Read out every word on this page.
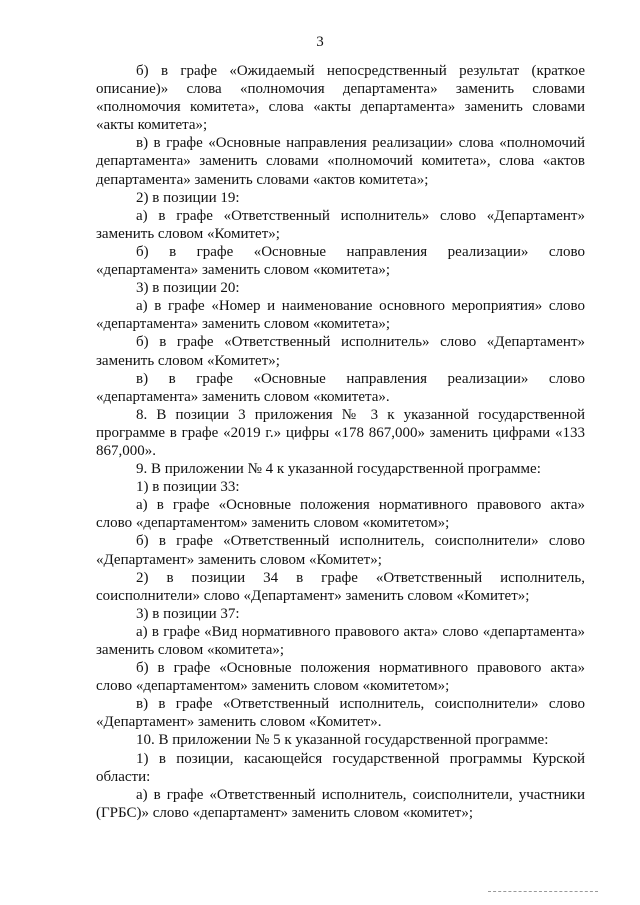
3

б) в графе «Ожидаемый непосредственный результат (краткое описание)» слова «полномочия департамента» заменить словами «полномочия комитета», слова «акты департамента» заменить словами «акты комитета»;

в) в графе «Основные направления реализации» слова «полномочий департамента» заменить словами «полномочий комитета», слова «актов департамента» заменить словами «актов комитета»;

2) в позиции 19:

а) в графе «Ответственный исполнитель» слово «Департамент» заменить словом «Комитет»;

б) в графе «Основные направления реализации» слово «департамента» заменить словом «комитета»;

3) в позиции 20:

а) в графе «Номер и наименование основного мероприятия» слово «департамента» заменить словом «комитета»;

б) в графе «Ответственный исполнитель» слово «Департамент» заменить словом «Комитет»;

в) в графе «Основные направления реализации» слово «департамента» заменить словом «комитета».

8. В позиции 3 приложения № 3 к указанной государственной программе в графе «2019 г.» цифры «178 867,000» заменить цифрами «133 867,000».

9. В приложении № 4 к указанной государственной программе:

1) в позиции 33:

а) в графе «Основные положения нормативного правового акта» слово «департаментом» заменить словом «комитетом»;

б) в графе «Ответственный исполнитель, соисполнители» слово «Департамент» заменить словом «Комитет»;

2) в позиции 34 в графе «Ответственный исполнитель, соисполнители» слово «Департамент» заменить словом «Комитет»;

3) в позиции 37:

а) в графе «Вид нормативного правового акта» слово «департамента» заменить словом «комитета»;

б) в графе «Основные положения нормативного правового акта» слово «департаментом» заменить словом «комитетом»;

в) в графе «Ответственный исполнитель, соисполнители» слово «Департамент» заменить словом «Комитет».

10. В приложении № 5 к указанной государственной программе:

1) в позиции, касающейся государственной программы Курской области:

а) в графе «Ответственный исполнитель, соисполнители, участники (ГРБС)» слово «департамент» заменить словом «комитет»;
